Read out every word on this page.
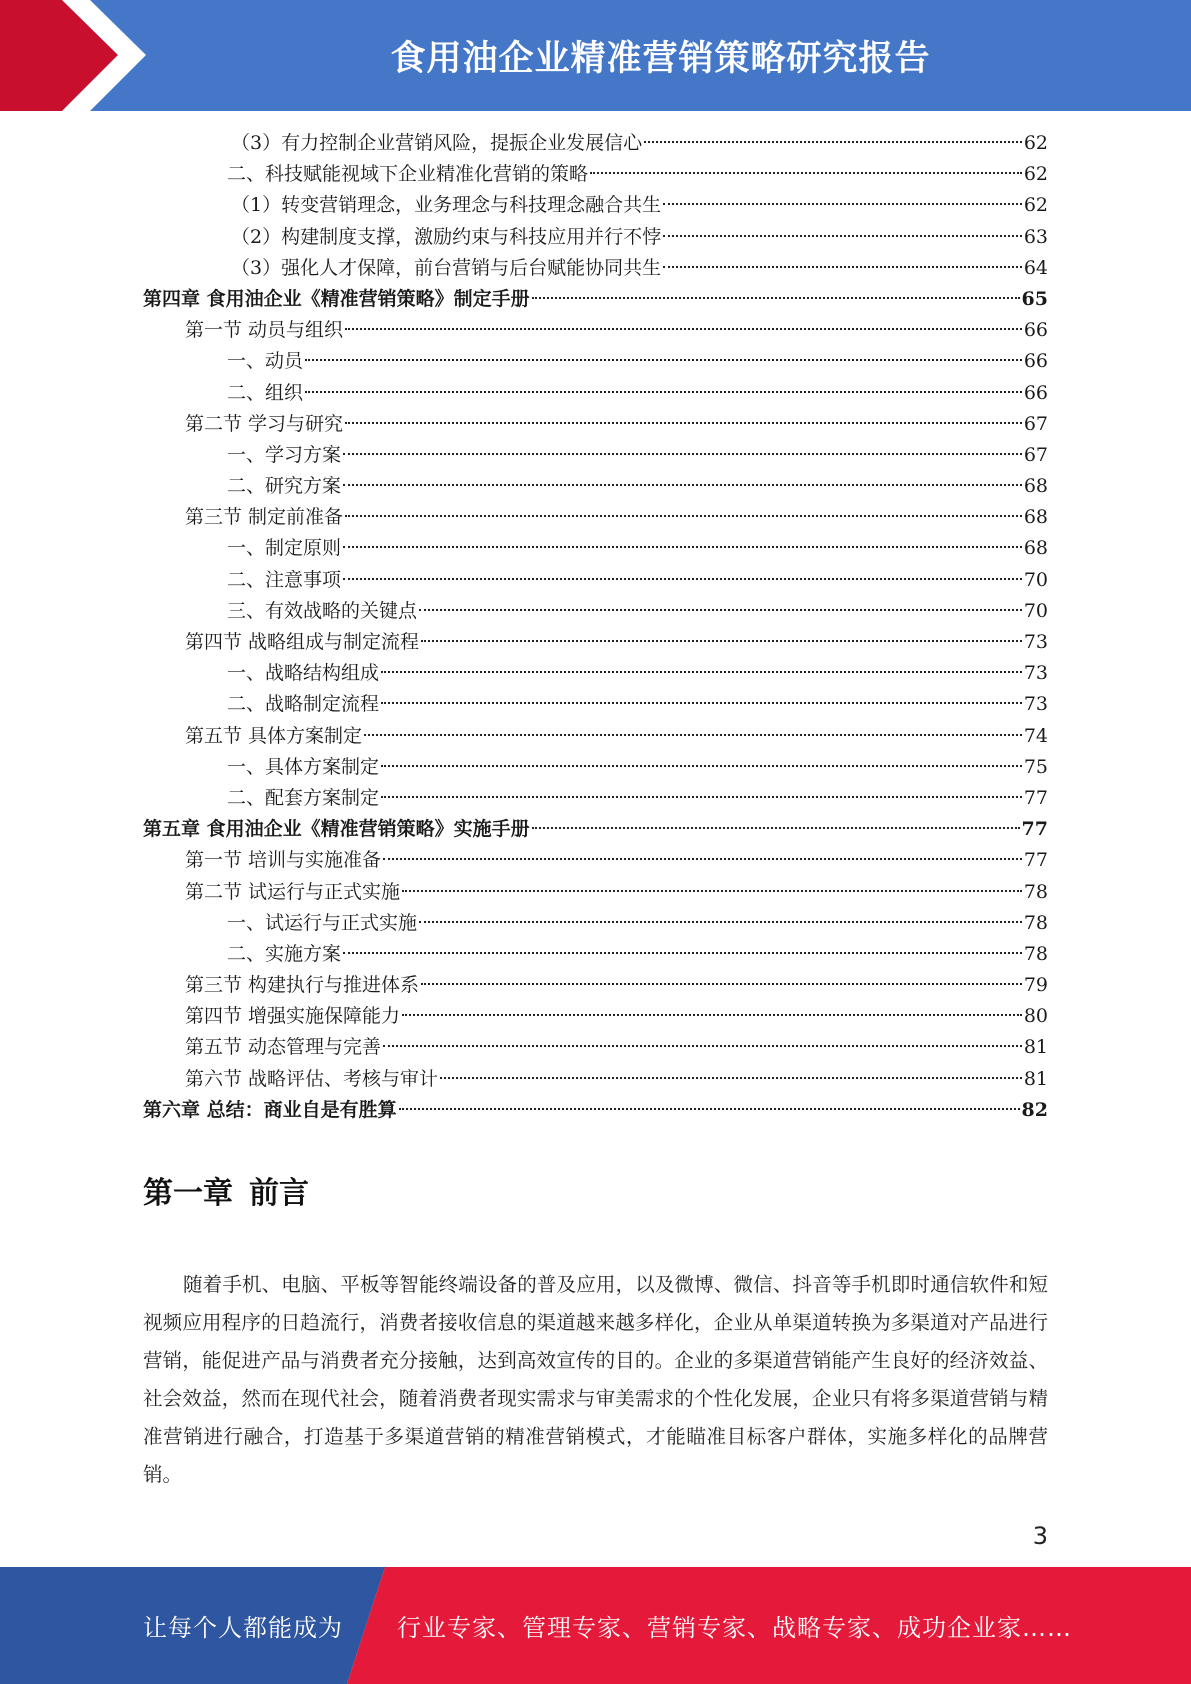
食用油企业精准营销策略研究报告
（3）有力控制企业营销风险，提振企业发展信心	62
二、科技赋能视域下企业精准化营销的策略	62
（1）转变营销理念，业务理念与科技理念融合共生	62
（2）构建制度支撑，激励约束与科技应用并行不悖	63
（3）强化人才保障，前台营销与后台赋能协同共生	64
第四章 食用油企业《精准营销策略》制定手册	65
第一节 动员与组织	66
一、动员	66
二、组织	66
第二节 学习与研究	67
一、学习方案	67
二、研究方案	68
第三节 制定前准备	68
一、制定原则	68
二、注意事项	70
三、有效战略的关键点	70
第四节 战略组成与制定流程	73
一、战略结构组成	73
二、战略制定流程	73
第五节 具体方案制定	74
一、具体方案制定	75
二、配套方案制定	77
第五章 食用油企业《精准营销策略》实施手册	77
第一节 培训与实施准备	77
第二节 试运行与正式实施	78
一、试运行与正式实施	78
二、实施方案	78
第三节 构建执行与推进体系	79
第四节 增强实施保障能力	80
第五节 动态管理与完善	81
第六节 战略评估、考核与审计	81
第六章 总结：商业自是有胜算	82
第一章 前言
随着手机、电脑、平板等智能终端设备的普及应用，以及微博、微信、抖音等手机即时通信软件和短视频应用程序的日趋流行，消费者接收信息的渠道越来越多样化，企业从单渠道转换为多渠道对产品进行营销，能促进产品与消费者充分接触，达到高效宣传的目的。企业的多渠道营销能产生良好的经济效益、社会效益，然而在现代社会，随着消费者现实需求与审美需求的个性化发展，企业只有将多渠道营销与精准营销进行融合，打造基于多渠道营销的精准营销模式，才能瞄准目标客户群体，实施多样化的品牌营销。
3
让每个人都能成为 行业专家、管理专家、营销专家、战略专家、成功企业家……
